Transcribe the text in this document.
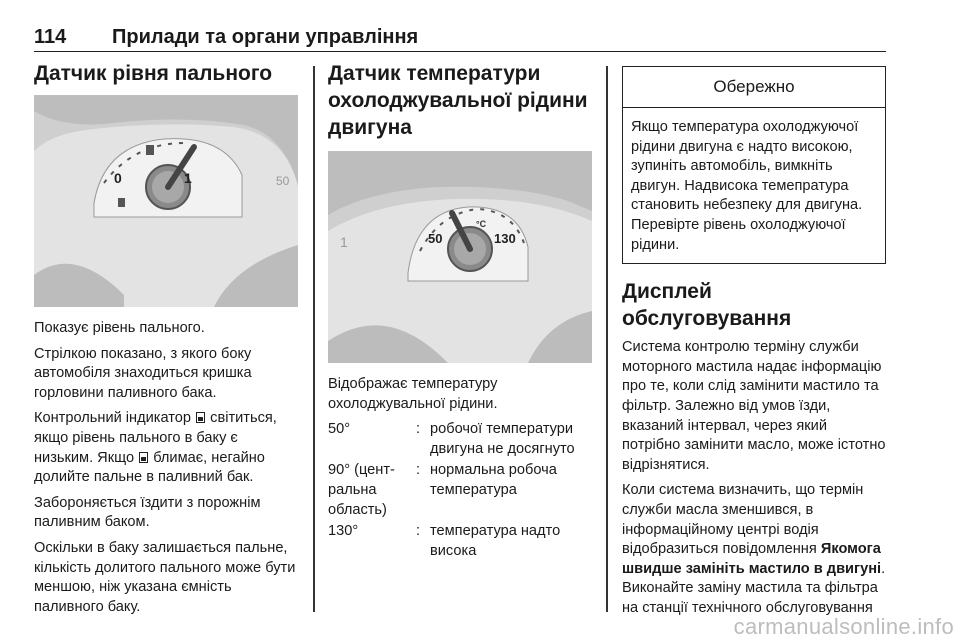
114 Прилади та органи управління
Датчик рівня пального
0	1	50

Показує рівень пального.

Стрілкою показано, з якого боку автомобіля знаходиться кришка горловини паливного бака.

Контрольний індикатор світиться, якщо рівень пального в баку є низьким. Якщо блимає, негайно долийте пальне в паливний бак.

Забороняється їздити з порожнім паливним баком.

Оскільки в баку залишається пальне, кількість долитого пального може бути меншою, ніж указана ємність паливного баку.

Датчик температури охолоджувальної рідини двигуна
°C
50	130
1

Відображає температуру охолоджувальної рідини.

50°	: робочої температури двигуна не досягнуто
90° (цент-
ральна
область)
: нормальна робоча температура
130°	: температура надто висока
Обережно
Якщо температура охолоджуючої рідини двигуна є надто високою, зупиніть автомобіль, вимкніть двигун. Надвисока темепратура становить небезпеку для двигуна. Перевірте рівень охолоджуючої рідини.
Дисплей обслуговування

Система контролю терміну служби моторного мастила надає інформацію про те, коли слід замінити мастило та фільтр. Залежно від умов їзди, вказаний інтервал, через який потрібно замінити масло, може істотно відрізнятися.

Коли система визначить, що термін служби масла зменшився, в інформаційному центрі водія відобразиться повідомлення Якомога швидше замініть мастило в двигуні. Виконайте заміну мастила та фільтра на станції технічного обслуговування

carmanualsonline.info
